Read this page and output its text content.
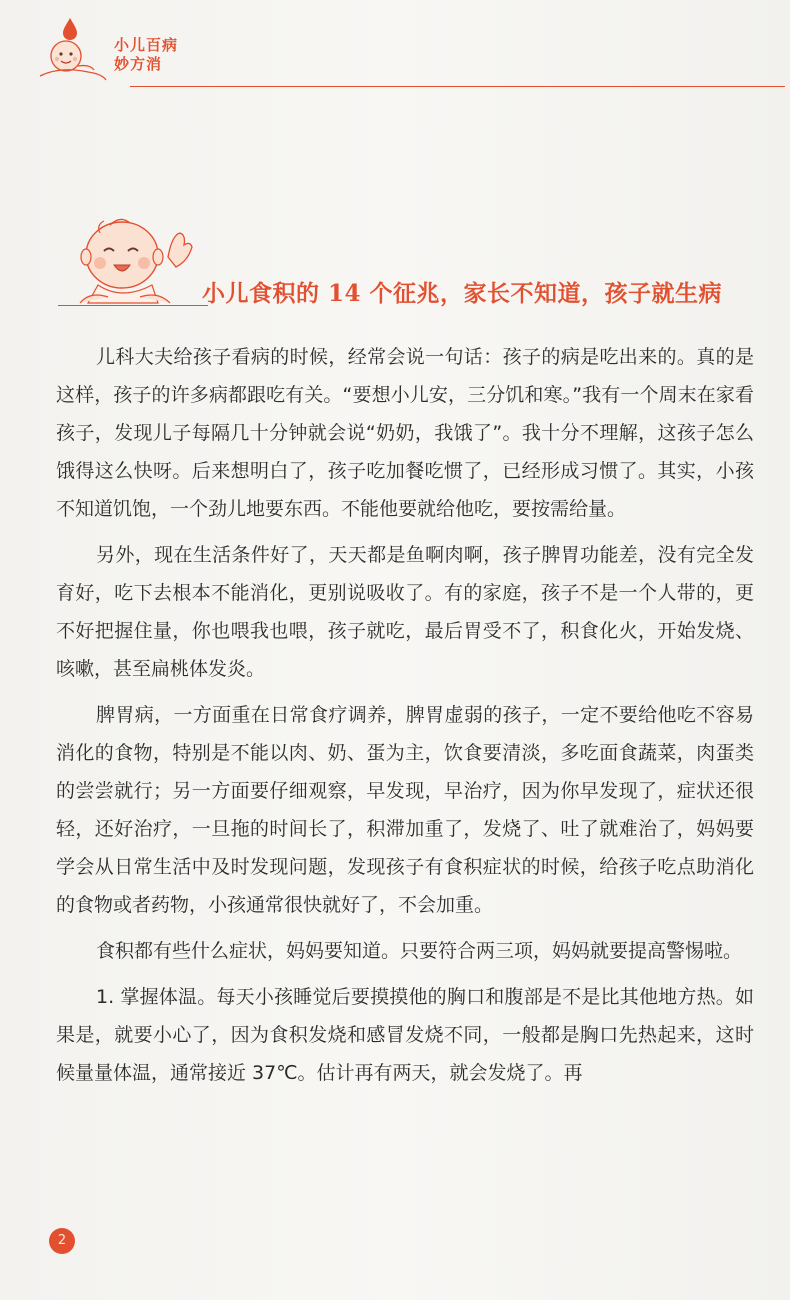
小儿百病
妙方消
小儿食积的 14 个征兆，家长不知道，孩子就生病

儿科大夫给孩子看病的时候，经常会说一句话：孩子的病是吃出来的。真的是这样，孩子的许多病都跟吃有关。“要想小儿安，三分饥和寒。”我有一个周末在家看孩子，发现儿子每隔几十分钟就会说“奶奶，我饿了”。我十分不理解，这孩子怎么饿得这么快呀。后来想明白了，孩子吃加餐吃惯了，已经形成习惯了。其实，小孩不知道饥饱，一个劲儿地要东西。不能他要就给他吃，要按需给量。

另外，现在生活条件好了，天天都是鱼啊肉啊，孩子脾胃功能差，没有完全发育好，吃下去根本不能消化，更别说吸收了。有的家庭，孩子不是一个人带的，更不好把握住量，你也喂我也喂，孩子就吃，最后胃受不了，积食化火，开始发烧、咳嗽，甚至扁桃体发炎。

脾胃病，一方面重在日常食疗调养，脾胃虚弱的孩子，一定不要给他吃不容易消化的食物，特别是不能以肉、奶、蛋为主，饮食要清淡，多吃面食蔬菜，肉蛋类的尝尝就行；另一方面要仔细观察，早发现，早治疗，因为你早发现了，症状还很轻，还好治疗，一旦拖的时间长了，积滞加重了，发烧了、吐了就难治了，妈妈要学会从日常生活中及时发现问题，发现孩子有食积症状的时候，给孩子吃点助消化的食物或者药物，小孩通常很快就好了，不会加重。

食积都有些什么症状，妈妈要知道。只要符合两三项，妈妈就要提高警惕啦。

1. 掌握体温。每天小孩睡觉后要摸摸他的胸口和腹部是不是比其他地方热。如果是，就要小心了，因为食积发烧和感冒发烧不同，一般都是胸口先热起来，这时候量量体温，通常接近 37℃。估计再有两天，就会发烧了。再

2
